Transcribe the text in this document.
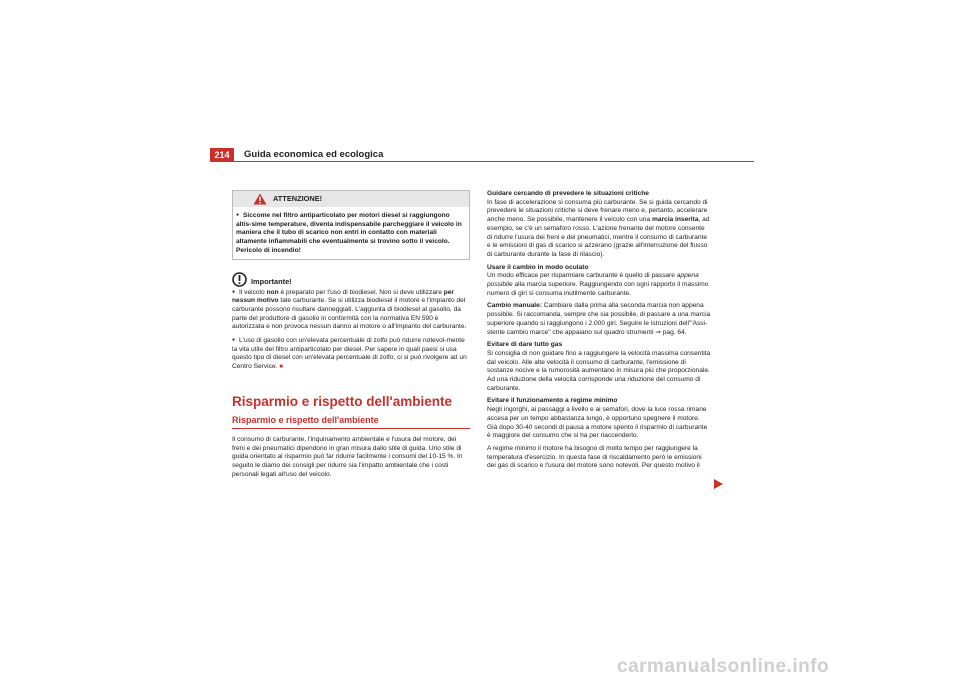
214	Guida economica ed ecologica
ATTENZIONE!
● Siccome nel filtro antiparticolato per motori diesel si raggiungono altis-sime temperature, diventa indispensabile parcheggiare il veicolo in maniera che il tubo di scarico non entri in contatto con materiali altamente infiammabili che eventualmente si trovino sotto il veicolo. Pericolo di incendio!
Importante!

● Il veicolo non è preparato per l'uso di biodiesel. Non si deve utilizzare per nessun motivo tale carburante. Se si utilizza biodiesel il motore e l'impianto del carburante possono risultare danneggiati. L'aggiunta di biodiesel al gasolio, da parte del produttore di gasolio in conformità con la normativa EN 590 è autorizzata e non provoca nessun danno al motore o all'impianto del carburante.

● L'uso di gasolio con un'elevata percentuale di zolfo può ridurre notevol-mente la vita utile del filtro antiparticolato per diesel. Per sapere in quali paesi si usa questo tipo di diesel con un'elevata percentuale di zolfo, ci si può rivolgere ad un Centro Service. ■

Risparmio e rispetto dell'ambiente
Risparmio e rispetto dell'ambiente

Il consumo di carburante, l'inquinamento ambientale e l'usura del motore, dei freni e dei pneumatici dipendono in gran misura dallo stile di guida. Uno stile di guida orientato al risparmio può far ridurre facilmente i consumi del 10-15 %. In seguito le diamo dei consigli per ridurre sia l'impatto ambientale che i costi personali legati all'uso del veicolo.

Guidare cercando di prevedere le situazioni critiche

In fase di accelerazione si consuma più carburante. Se si guida cercando di prevedere le situazioni critiche si deve frenare meno e, pertanto, accelerare anche meno. Se possibile, mantenere il veicolo con una marcia inserita, ad esempio, se c'è un semaforo rosso. L'azione frenante del motore consente di ridurre l'usura dei freni e dei pneumatici, mentre il consumo di carburante e le emissioni di gas di scarico si azzerano (grazie all'interruzione del flusso di carburante durante la fase di rilascio).

Usare il cambio in modo oculato

Un modo efficace per risparmiare carburante è quello di passare appena possibile alla marcia superiore. Raggiungendo con ogni rapporto il massimo numero di giri si consuma inutilmente carburante.

Cambio manuale: Cambiare dalla prima alla seconda marcia non appena possibile. Si raccomanda, sempre che sia possibile, di passare a una marcia superiore quando si raggiungono i 2.000 giri. Seguire le istruzioni dell'"Assi-stente cambio marce" che appaiano sul quadro strumenti ⇒ pag. 64.

Evitare di dare tutto gas

Si consiglia di non guidare fino a raggiungere la velocità massima consentita dal veicolo. Alle alte velocità il consumo di carburante, l'emissione di sostanze nocive e la rumorosità aumentano in misura più che proporzionale. Ad una riduzione della velocità corrisponde una riduzione del consumo di carburante.

Evitare il funzionamento a regime minimo

Negli ingorghi, ai passaggi a livello e ai semafori, dove la luce rossa rimane accesa per un tempo abbastanza lungo, è opportuno spegnere il motore. Già dopo 30-40 secondi di pausa a motore spento il risparmio di carburante è maggiore del consumo che si ha per riaccenderlo.

A regime minimo il motore ha bisogno di molto tempo per raggiungere la temperatura d'esercizio. In questa fase di riscaldamento però le emissioni dei gas di scarico e l'usura del motore sono notevoli. Per questo motivo il

carmanualsonline.info
